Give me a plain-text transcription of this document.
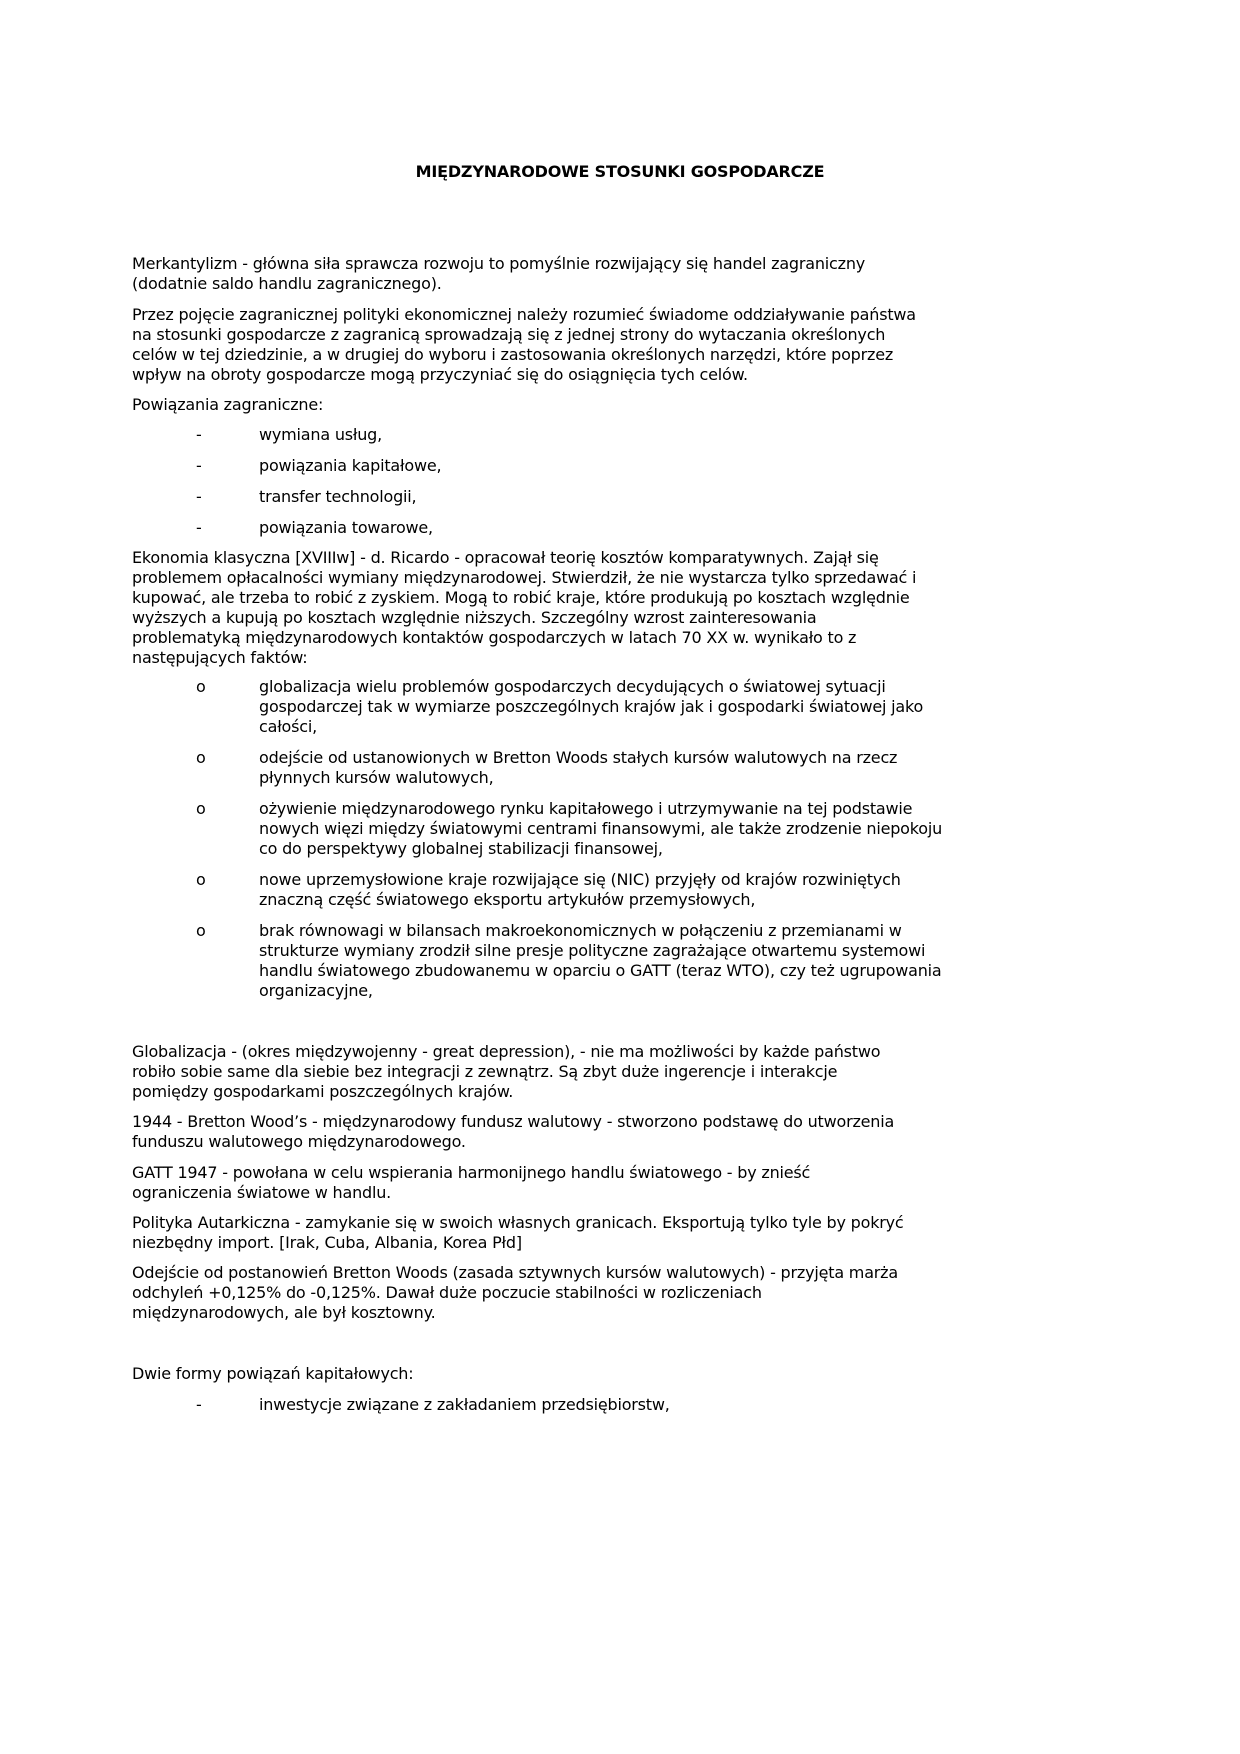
MIĘDZYNARODOWE STOSUNKI GOSPODARCZE
Merkantylizm - główna siła sprawcza rozwoju to pomyślnie rozwijający się handel zagraniczny
(dodatnie saldo handlu zagranicznego).
Przez pojęcie zagranicznej polityki ekonomicznej należy rozumieć świadome oddziaływanie państwa
na stosunki gospodarcze z zagranicą sprowadzają się z jednej strony do wytaczania określonych
celów w tej dziedzinie, a w drugiej do wyboru i zastosowania określonych narzędzi, które poprzez
wpływ na obroty gospodarcze mogą przyczyniać się do osiągnięcia tych celów.
Powiązania zagraniczne:
-	wymiana usług,
-	powiązania kapitałowe,
-	transfer technologii,
-	powiązania towarowe,
Ekonomia klasyczna [XVIIIw] - d. Ricardo - opracował teorię kosztów komparatywnych. Zajął się
problemem opłacalności wymiany międzynarodowej. Stwierdził, że nie wystarcza tylko sprzedawać i
kupować, ale trzeba to robić z zyskiem. Mogą to robić kraje, które produkują po kosztach względnie
wyższych a kupują po kosztach względnie niższych. Szczególny wzrost zainteresowania
problematyką międzynarodowych kontaktów gospodarczych w latach 70 XX w. wynikało to z
następujących faktów:
o	globalizacja wielu problemów gospodarczych decydujących o światowej sytuacji
gospodarczej tak w wymiarze poszczególnych krajów jak i gospodarki światowej jako
całości,
o	odejście od ustanowionych w Bretton Woods stałych kursów walutowych na rzecz
płynnych kursów walutowych,
o	ożywienie międzynarodowego rynku kapitałowego i utrzymywanie na tej podstawie
nowych więzi między światowymi centrami finansowymi, ale także zrodzenie niepokoju
co do perspektywy globalnej stabilizacji finansowej,
o	nowe uprzemysłowione kraje rozwijające się (NIC) przyjęły od krajów rozwiniętych
znaczną część światowego eksportu artykułów przemysłowych,
o	brak równowagi w bilansach makroekonomicznych w połączeniu z przemianami w
strukturze wymiany zrodził silne presje polityczne zagrażające otwartemu systemowi
handlu światowego zbudowanemu w oparciu o GATT (teraz WTO), czy też ugrupowania
organizacyjne,
Globalizacja - (okres międzywojenny - great depression), - nie ma możliwości by każde państwo
robiło sobie same dla siebie bez integracji z zewnątrz. Są zbyt duże ingerencje i interakcje
pomiędzy gospodarkami poszczególnych krajów.
1944 - Bretton Wood’s - międzynarodowy fundusz walutowy - stworzono podstawę do utworzenia
funduszu walutowego międzynarodowego.
GATT 1947 - powołana w celu wspierania harmonijnego handlu światowego - by znieść
ograniczenia światowe w handlu.
Polityka Autarkiczna - zamykanie się w swoich własnych granicach. Eksportują tylko tyle by pokryć
niezbędny import. [Irak, Cuba, Albania, Korea Płd]
Odejście od postanowień Bretton Woods (zasada sztywnych kursów walutowych) - przyjęta marża
odchyleń +0,125% do -0,125%. Dawał duże poczucie stabilności w rozliczeniach
międzynarodowych, ale był kosztowny.
Dwie formy powiązań kapitałowych:
-	inwestycje związane z zakładaniem przedsiębiorstw,
